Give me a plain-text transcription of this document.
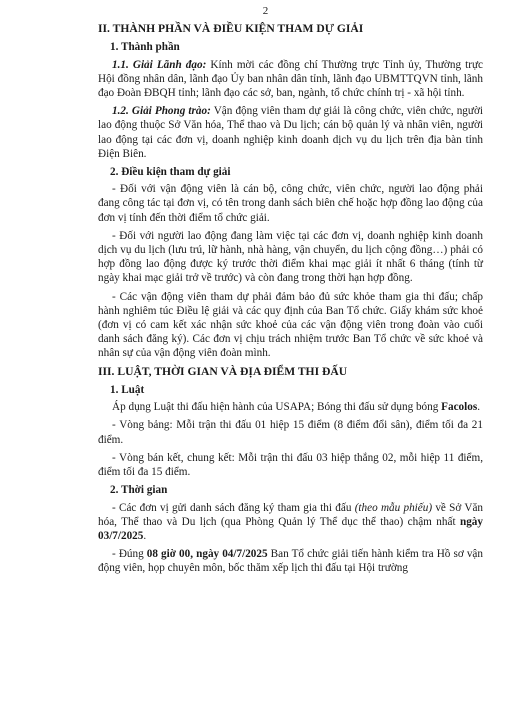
2
II. THÀNH PHẦN VÀ ĐIỀU KIỆN THAM DỰ GIẢI
1. Thành phần

1.1. Giải Lãnh đạo: Kính mời các đồng chí Thường trực Tỉnh ủy, Thường trực Hội đồng nhân dân, lãnh đạo Ủy ban nhân dân tỉnh, lãnh đạo UBMTTQVN tỉnh, lãnh đạo Đoàn ĐBQH tỉnh; lãnh đạo các sở, ban, ngành, tổ chức chính trị - xã hội tỉnh.

1.2. Giải Phong trào: Vận động viên tham dự giải là công chức, viên chức, người lao động thuộc Sở Văn hóa, Thể thao và Du lịch; cán bộ quản lý và nhân viên, người lao động tại các đơn vị, doanh nghiệp kinh doanh dịch vụ du lịch trên địa bàn tỉnh Điện Biên.

2. Điều kiện tham dự giải

- Đối với vận động viên là cán bộ, công chức, viên chức, người lao động phải đang công tác tại đơn vị, có tên trong danh sách biên chế hoặc hợp đồng lao động của đơn vị tính đến thời điểm tổ chức giải.

- Đối với người lao động đang làm việc tại các đơn vị, doanh nghiệp kinh doanh dịch vụ du lịch (lưu trú, lữ hành, nhà hàng, vận chuyển, du lịch cộng đồng…) phải có hợp đồng lao động được ký trước thời điểm khai mạc giải ít nhất 6 tháng (tính từ ngày khai mạc giải trở về trước) và còn đang trong thời hạn hợp đồng.

- Các vận động viên tham dự phải đảm bảo đủ sức khỏe tham gia thi đấu; chấp hành nghiêm túc Điều lệ giải và các quy định của Ban Tổ chức. Giấy khám sức khoẻ (đơn vị có cam kết xác nhận sức khoẻ của các vận động viên trong đoàn vào cuối danh sách đăng ký). Các đơn vị chịu trách nhiệm trước Ban Tổ chức về sức khoẻ và nhân sự của vận động viên đoàn mình.

III. LUẬT, THỜI GIAN VÀ ĐỊA ĐIỂM THI ĐẤU
1. Luật

Áp dụng Luật thi đấu hiện hành của USAPA; Bóng thi đấu sử dụng bóng Facolos.

- Vòng bảng: Mỗi trận thi đấu 01 hiệp 15 điểm (8 điểm đổi sân), điểm tối đa 21 điểm.

- Vòng bán kết, chung kết: Mỗi trận thi đấu 03 hiệp thắng 02, mỗi hiệp 11 điểm, điểm tối đa 15 điểm.

2. Thời gian

- Các đơn vị gửi danh sách đăng ký tham gia thi đấu (theo mẫu phiếu) về Sở Văn hóa, Thể thao và Du lịch (qua Phòng Quản lý Thể dục thể thao) chậm nhất ngày 03/7/2025.

- Đúng 08 giờ 00, ngày 04/7/2025 Ban Tổ chức giải tiến hành kiểm tra Hồ sơ vận động viên, họp chuyên môn, bốc thăm xếp lịch thi đấu tại Hội trường
